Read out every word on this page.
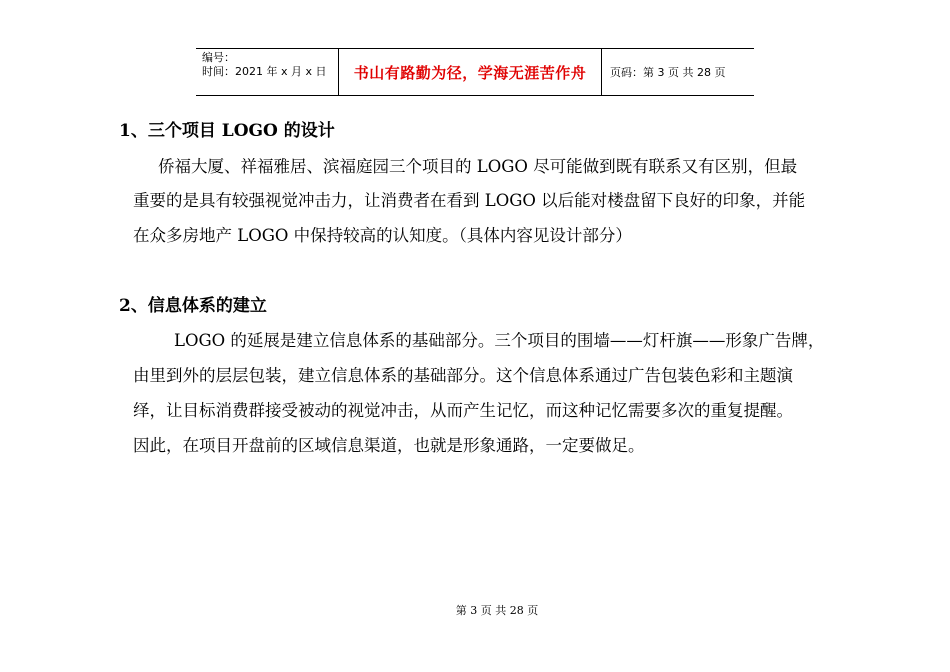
编号：
时间：2021 年 x 月 x 日	书山有路勤为径，学海无涯苦作舟 页码：第 3 页 共 28 页
1、三个项目 LOGO 的设计
侨福大厦、祥福雅居、滨福庭园三个项目的 LOGO 尽可能做到既有联系又有区别，但最
重要的是具有较强视觉冲击力，让消费者在看到 LOGO 以后能对楼盘留下良好的印象，并能
在众多房地产 LOGO 中保持较高的认知度。（具体内容见设计部分）
2、信息体系的建立
LOGO 的延展是建立信息体系的基础部分。三个项目的围墙——灯杆旗——形象广告牌，
由里到外的层层包装，建立信息体系的基础部分。这个信息体系通过广告包装色彩和主题演
绎，让目标消费群接受被动的视觉冲击，从而产生记忆，而这种记忆需要多次的重复提醒。
因此，在项目开盘前的区域信息渠道，也就是形象通路，一定要做足。
第 3 页 共 28 页
